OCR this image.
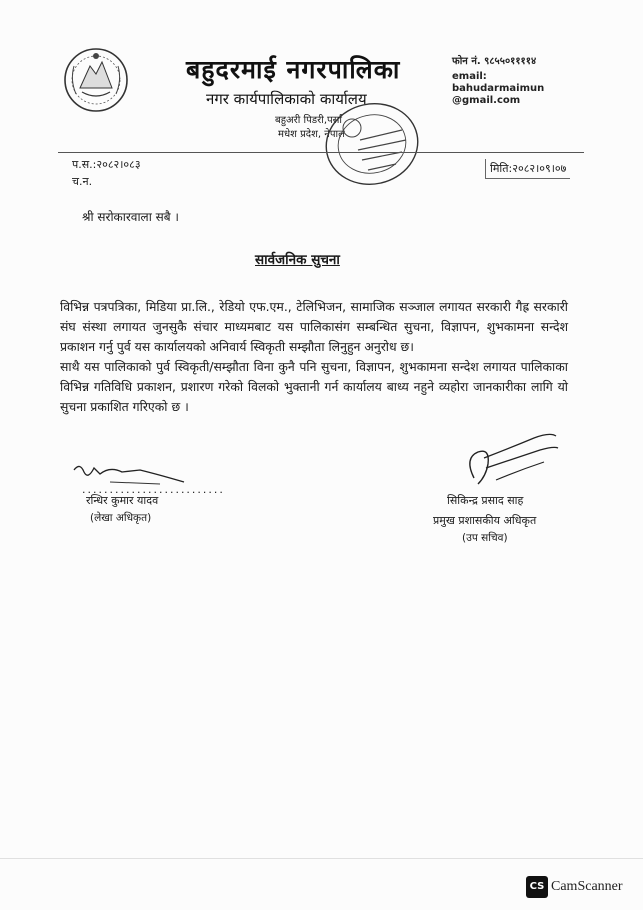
बहुदरमाई नगरपालिका
नगर कार्यपालिकाको कार्यालय
बहुअरी पिडरी,पर्सा
मधेश प्रदेश, नेपाल
फोन नं. ९८५५०११११४
email:
bahudarmaimun
@gmail.com
प.स.:२०८२।०८३
च.न.
मिति:२०८२।०९।०७
श्री सरोकारवाला सबै ।
सार्वजनिक सुचना

विभिन्न पत्रपत्रिका, मिडिया प्रा.लि., रेडियो एफ.एम., टेलिभिजन, सामाजिक सञ्जाल लगायत सरकारी गैह्र सरकारी संघ संस्था लगायत जुनसुकै संचार माध्यमबाट यस पालिकासंग सम्बन्धित सुचना, विज्ञापन, शुभकामना सन्देश प्रकाशन गर्नु पुर्व यस कार्यालयको अनिवार्य स्विकृती सम्झौता लिनुहुन अनुरोध छ।

साथै यस पालिकाको पुर्व स्विकृती/सम्झौता विना कुनै पनि सुचना, विज्ञापन, शुभकामना सन्देश लगायत पालिकाका विभिन्न गतिविधि प्रकाशन, प्रशारण गरेको विलको भुक्तानी गर्न कार्यालय बाध्य नहुने व्यहोरा जानकारीका लागि यो सुचना प्रकाशित गरिएको छ ।

..........................
रन्धिर कुमार यादव
(लेखा अधिकृत)
सिकिन्द्र प्रसाद साह
प्रमुख प्रशासकीय अधिकृत
(उप सचिव)
CS CamScanner
